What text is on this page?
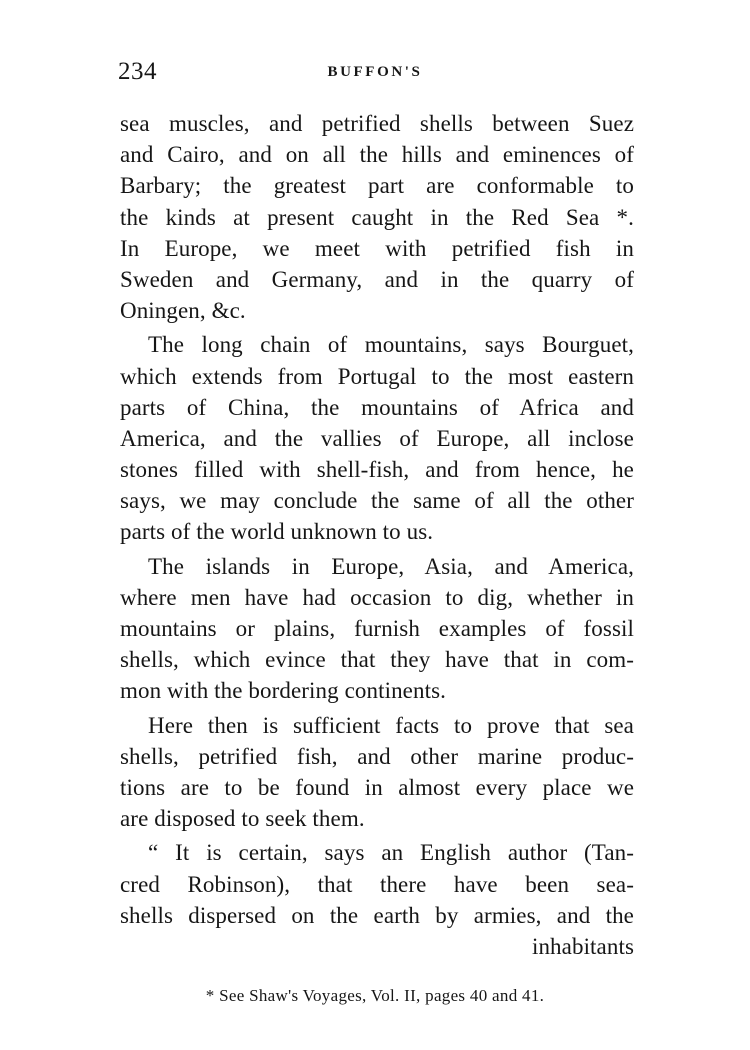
234	BUFFON'S
sea muscles, and petrified shells between Suez
and Cairo, and on all the hills and eminences of
Barbary; the greatest part are conformable to
the kinds at present caught in the Red Sea *.
In Europe, we meet with petrified fish in
Sweden and Germany, and in the quarry of
Oningen, &c.
The long chain of mountains, says Bourguet,
which extends from Portugal to the most eastern
parts of China, the mountains of Africa and
America, and the vallies of Europe, all inclose
stones filled with shell-fish, and from hence, he
says, we may conclude the same of all the other
parts of the world unknown to us.
The islands in Europe, Asia, and America,
where men have had occasion to dig, whether in
mountains or plains, furnish examples of fossil
shells, which evince that they have that in com-
mon with the bordering continents.
Here then is sufficient facts to prove that sea
shells, petrified fish, and other marine produc-
tions are to be found in almost every place we
are disposed to seek them.
“ It is certain, says an English author (Tan-
cred Robinson), that there have been sea-
shells dispersed on the earth by armies, and the
inhabitants
* See Shaw's Voyages, Vol. II, pages 40 and 41.
